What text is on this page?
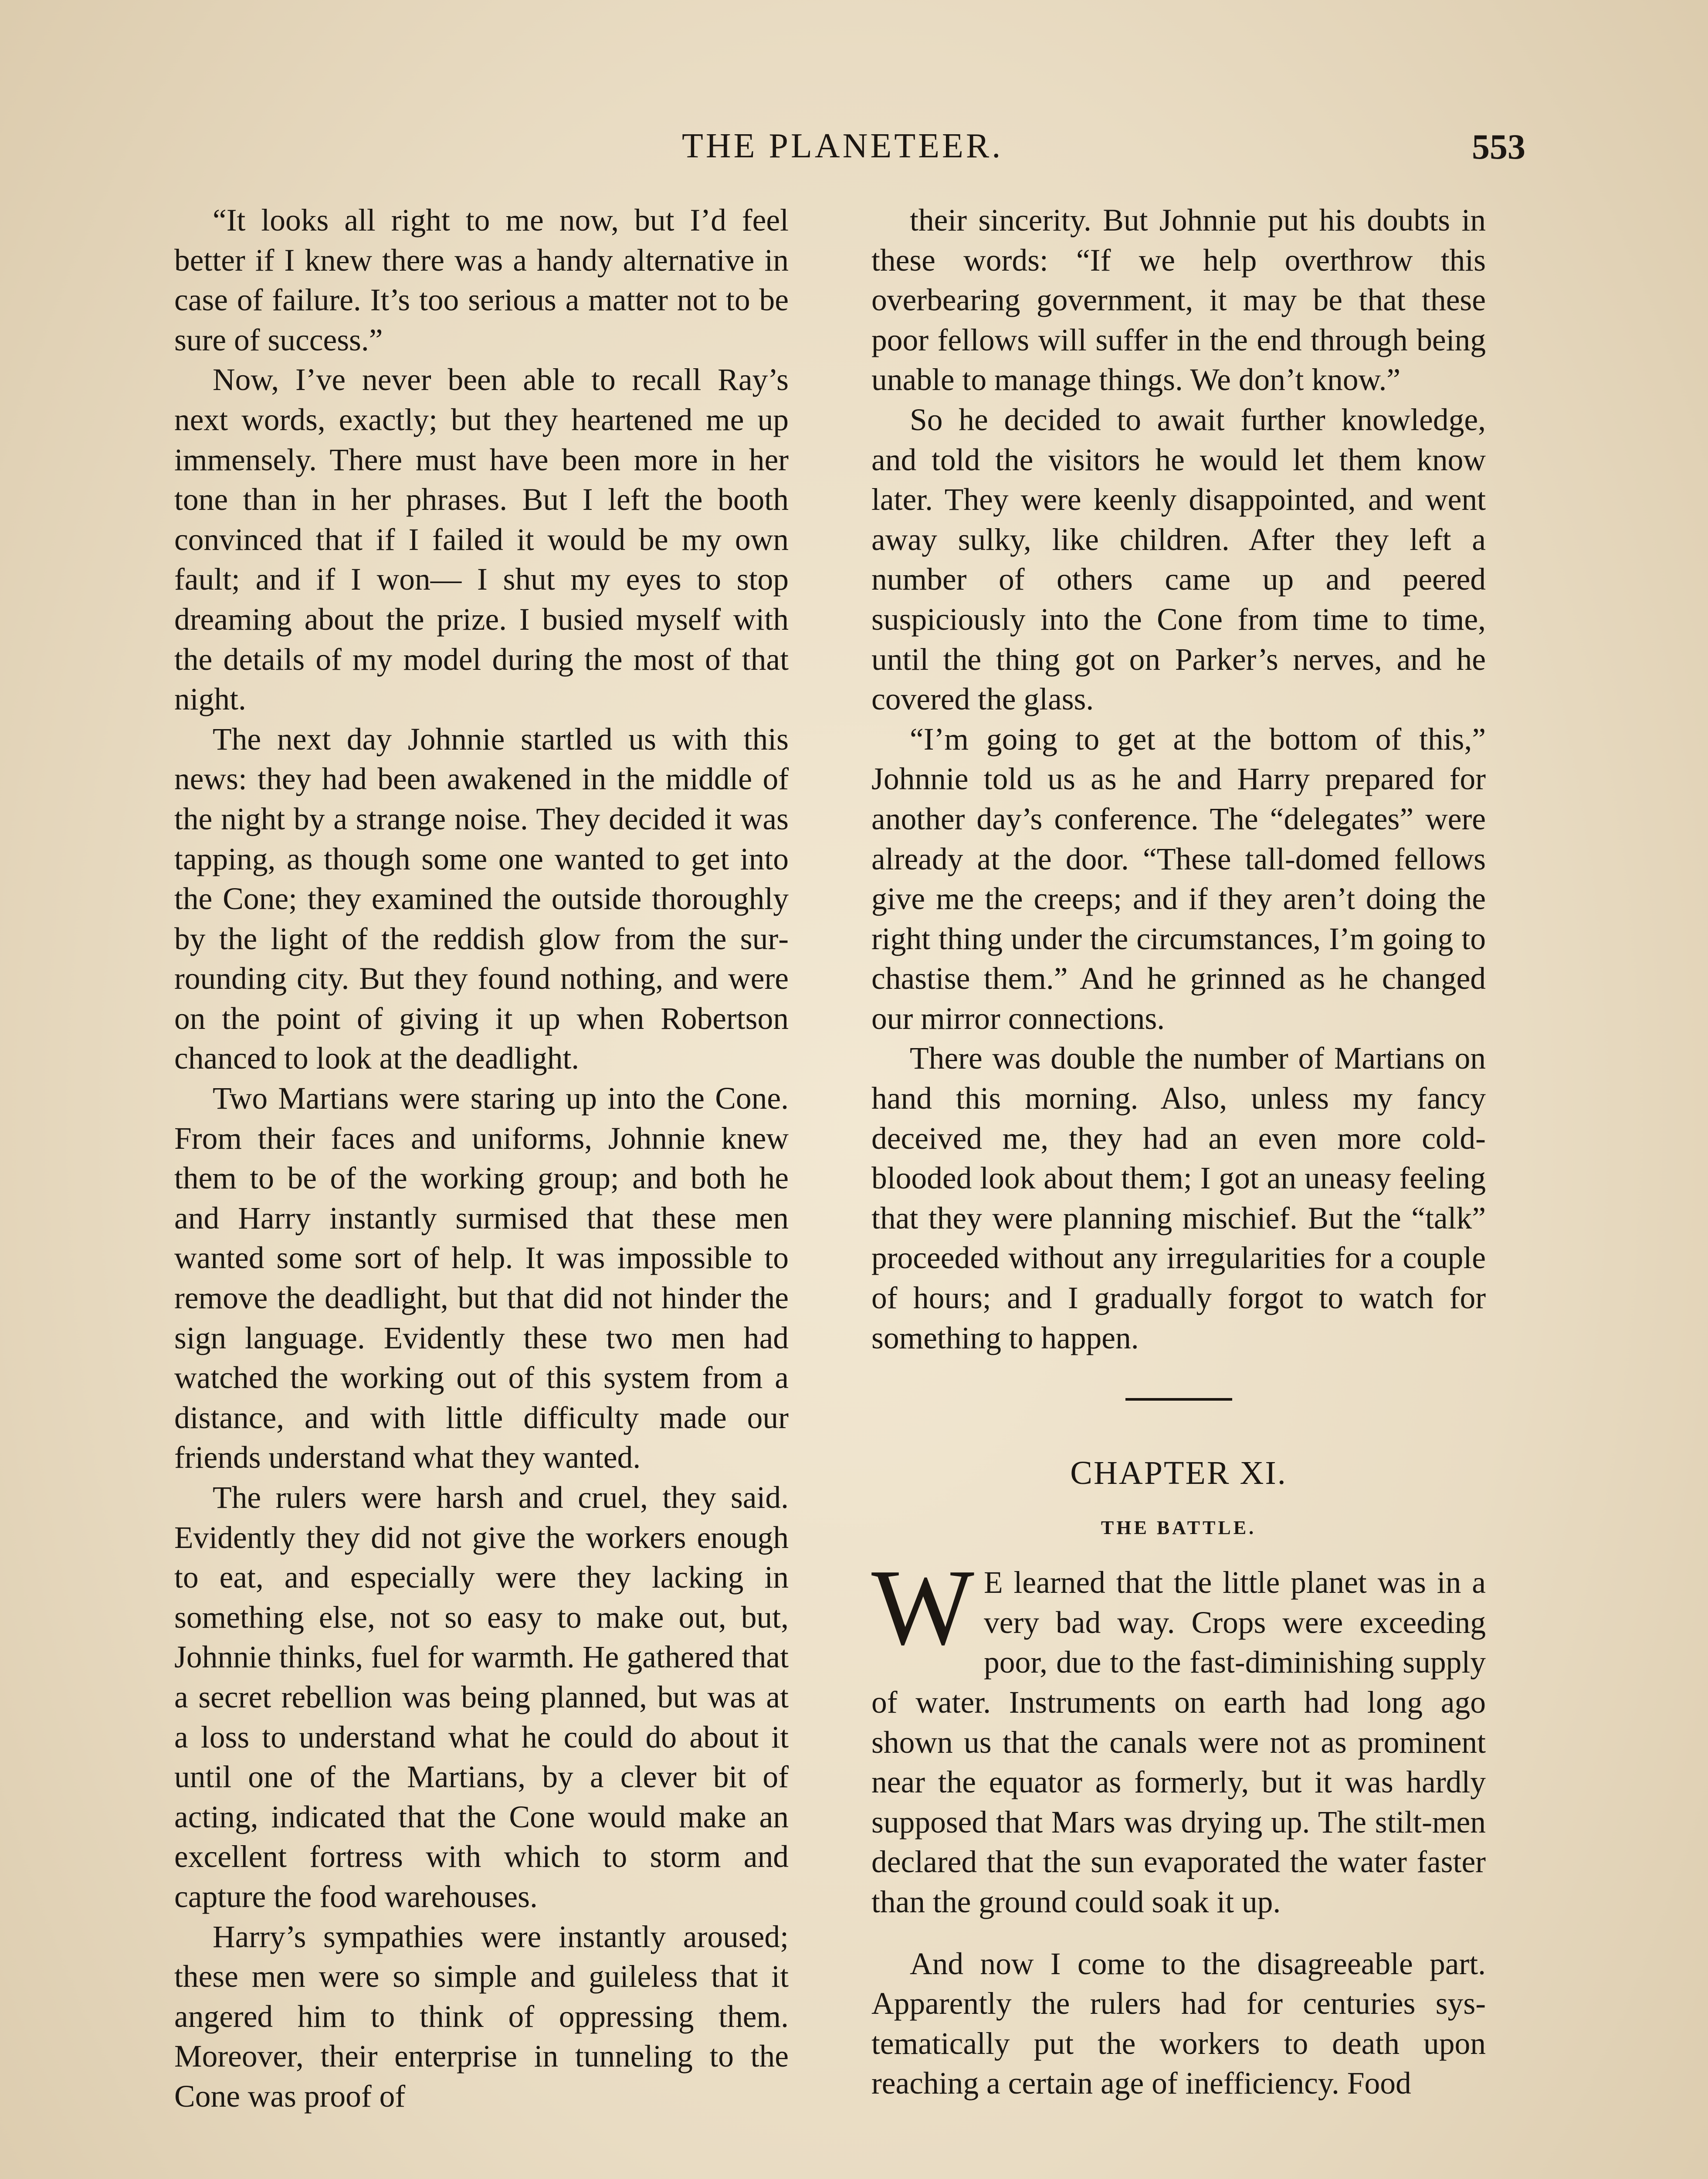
THE PLANETEER.	553

“It looks all right to me now, but I’d feel better if I knew there was a handy alternative in case of failure. It’s too serious a matter not to be sure of success.”

Now, I’ve never been able to recall Ray’s next words, exactly; but they heartened me up immensely. There must have been more in her tone than in her phrases. But I left the booth convinced that if I failed it would be my own fault; and if I won— I shut my eyes to stop dreaming about the prize. I busied myself with the details of my model during the most of that night.

The next day Johnnie startled us with this news: they had been awakened in the middle of the night by a strange noise. They decided it was tapping, as though some one wanted to get into the Cone; they examined the outside thoroughly by the light of the reddish glow from the surrounding city. But they found nothing, and were on the point of giving it up when Robertson chanced to look at the deadlight.

Two Martians were staring up into the Cone. From their faces and uniforms, Johnnie knew them to be of the working group; and both he and Harry instantly surmised that these men wanted some sort of help. It was impossible to remove the deadlight, but that did not hinder the sign language. Evidently these two men had watched the working out of this system from a distance, and with little difficulty made our friends understand what they wanted.

The rulers were harsh and cruel, they said. Evidently they did not give the workers enough to eat, and especially were they lacking in something else, not so easy to make out, but, Johnnie thinks, fuel for warmth. He gathered that a secret rebellion was being planned, but was at a loss to understand what he could do about it until one of the Martians, by a clever bit of acting, indicated that the Cone would make an excellent fortress with which to storm and capture the food warehouses.

Harry’s sympathies were instantly aroused; these men were so simple and guileless that it angered him to think of oppressing them. Moreover, their enterprise in tunneling to the Cone was proof of

their sincerity. But Johnnie put his doubts in these words: “If we help overthrow this overbearing government, it may be that these poor fellows will suffer in the end through being unable to manage things. We don’t know.”

So he decided to await further knowledge, and told the visitors he would let them know later. They were keenly disappointed, and went away sulky, like children. After they left a number of others came up and peered suspiciously into the Cone from time to time, until the thing got on Parker’s nerves, and he covered the glass.

“I’m going to get at the bottom of this,” Johnnie told us as he and Harry prepared for another day’s conference. The “delegates” were already at the door. “These tall-domed fellows give me the creeps; and if they aren’t doing the right thing under the circumstances, I’m going to chastise them.” And he grinned as he changed our mirror connections.

There was double the number of Martians on hand this morning. Also, unless my fancy deceived me, they had an even more cold-blooded look about them; I got an uneasy feeling that they were planning mischief. But the “talk” proceeded without any irregularities for a couple of hours; and I gradually forgot to watch for something to happen.

CHAPTER XI.
THE BATTLE.

W E learned that the little planet was in a very bad way. Crops were exceeding poor, due to the fast-diminishing supply of water. Instruments on earth had long ago shown us that the canals were not as prominent near the equator as formerly, but it was hardly supposed that Mars was drying up. The stilt-men declared that the sun evaporated the water faster than the ground could soak it up.

And now I come to the disagreeable part. Apparently the rulers had for centuries systematically put the workers to death upon reaching a certain age of inefficiency. Food
